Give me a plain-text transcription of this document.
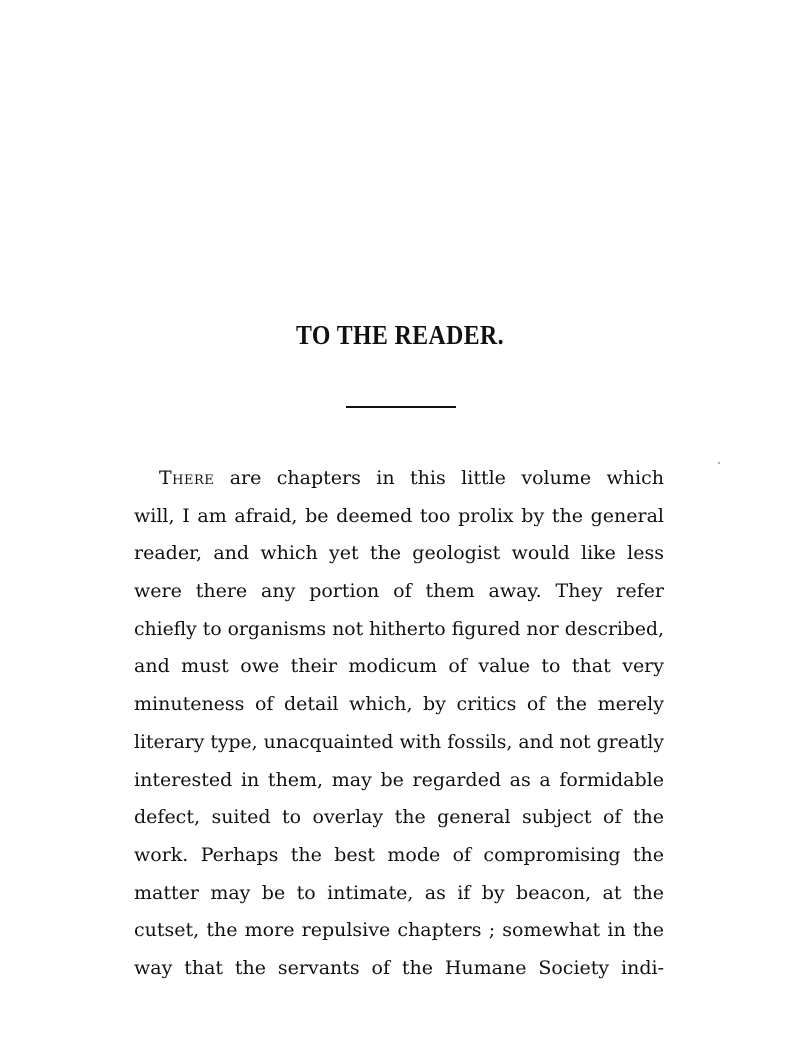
TO THE READER.
There are chapters in this little volume which
will, I am afraid, be deemed too prolix by the general
reader, and which yet the geologist would like less
were there any portion of them away. They refer
chiefly to organisms not hitherto figured nor described,
and must owe their modicum of value to that very
minuteness of detail which, by critics of the merely
literary type, unacquainted with fossils, and not greatly
interested in them, may be regarded as a formidable
defect, suited to overlay the general subject of the
work. Perhaps the best mode of compromising the
matter may be to intimate, as if by beacon, at the
cutset, the more repulsive chapters ; somewhat in the
way that the servants of the Humane Society indi-
